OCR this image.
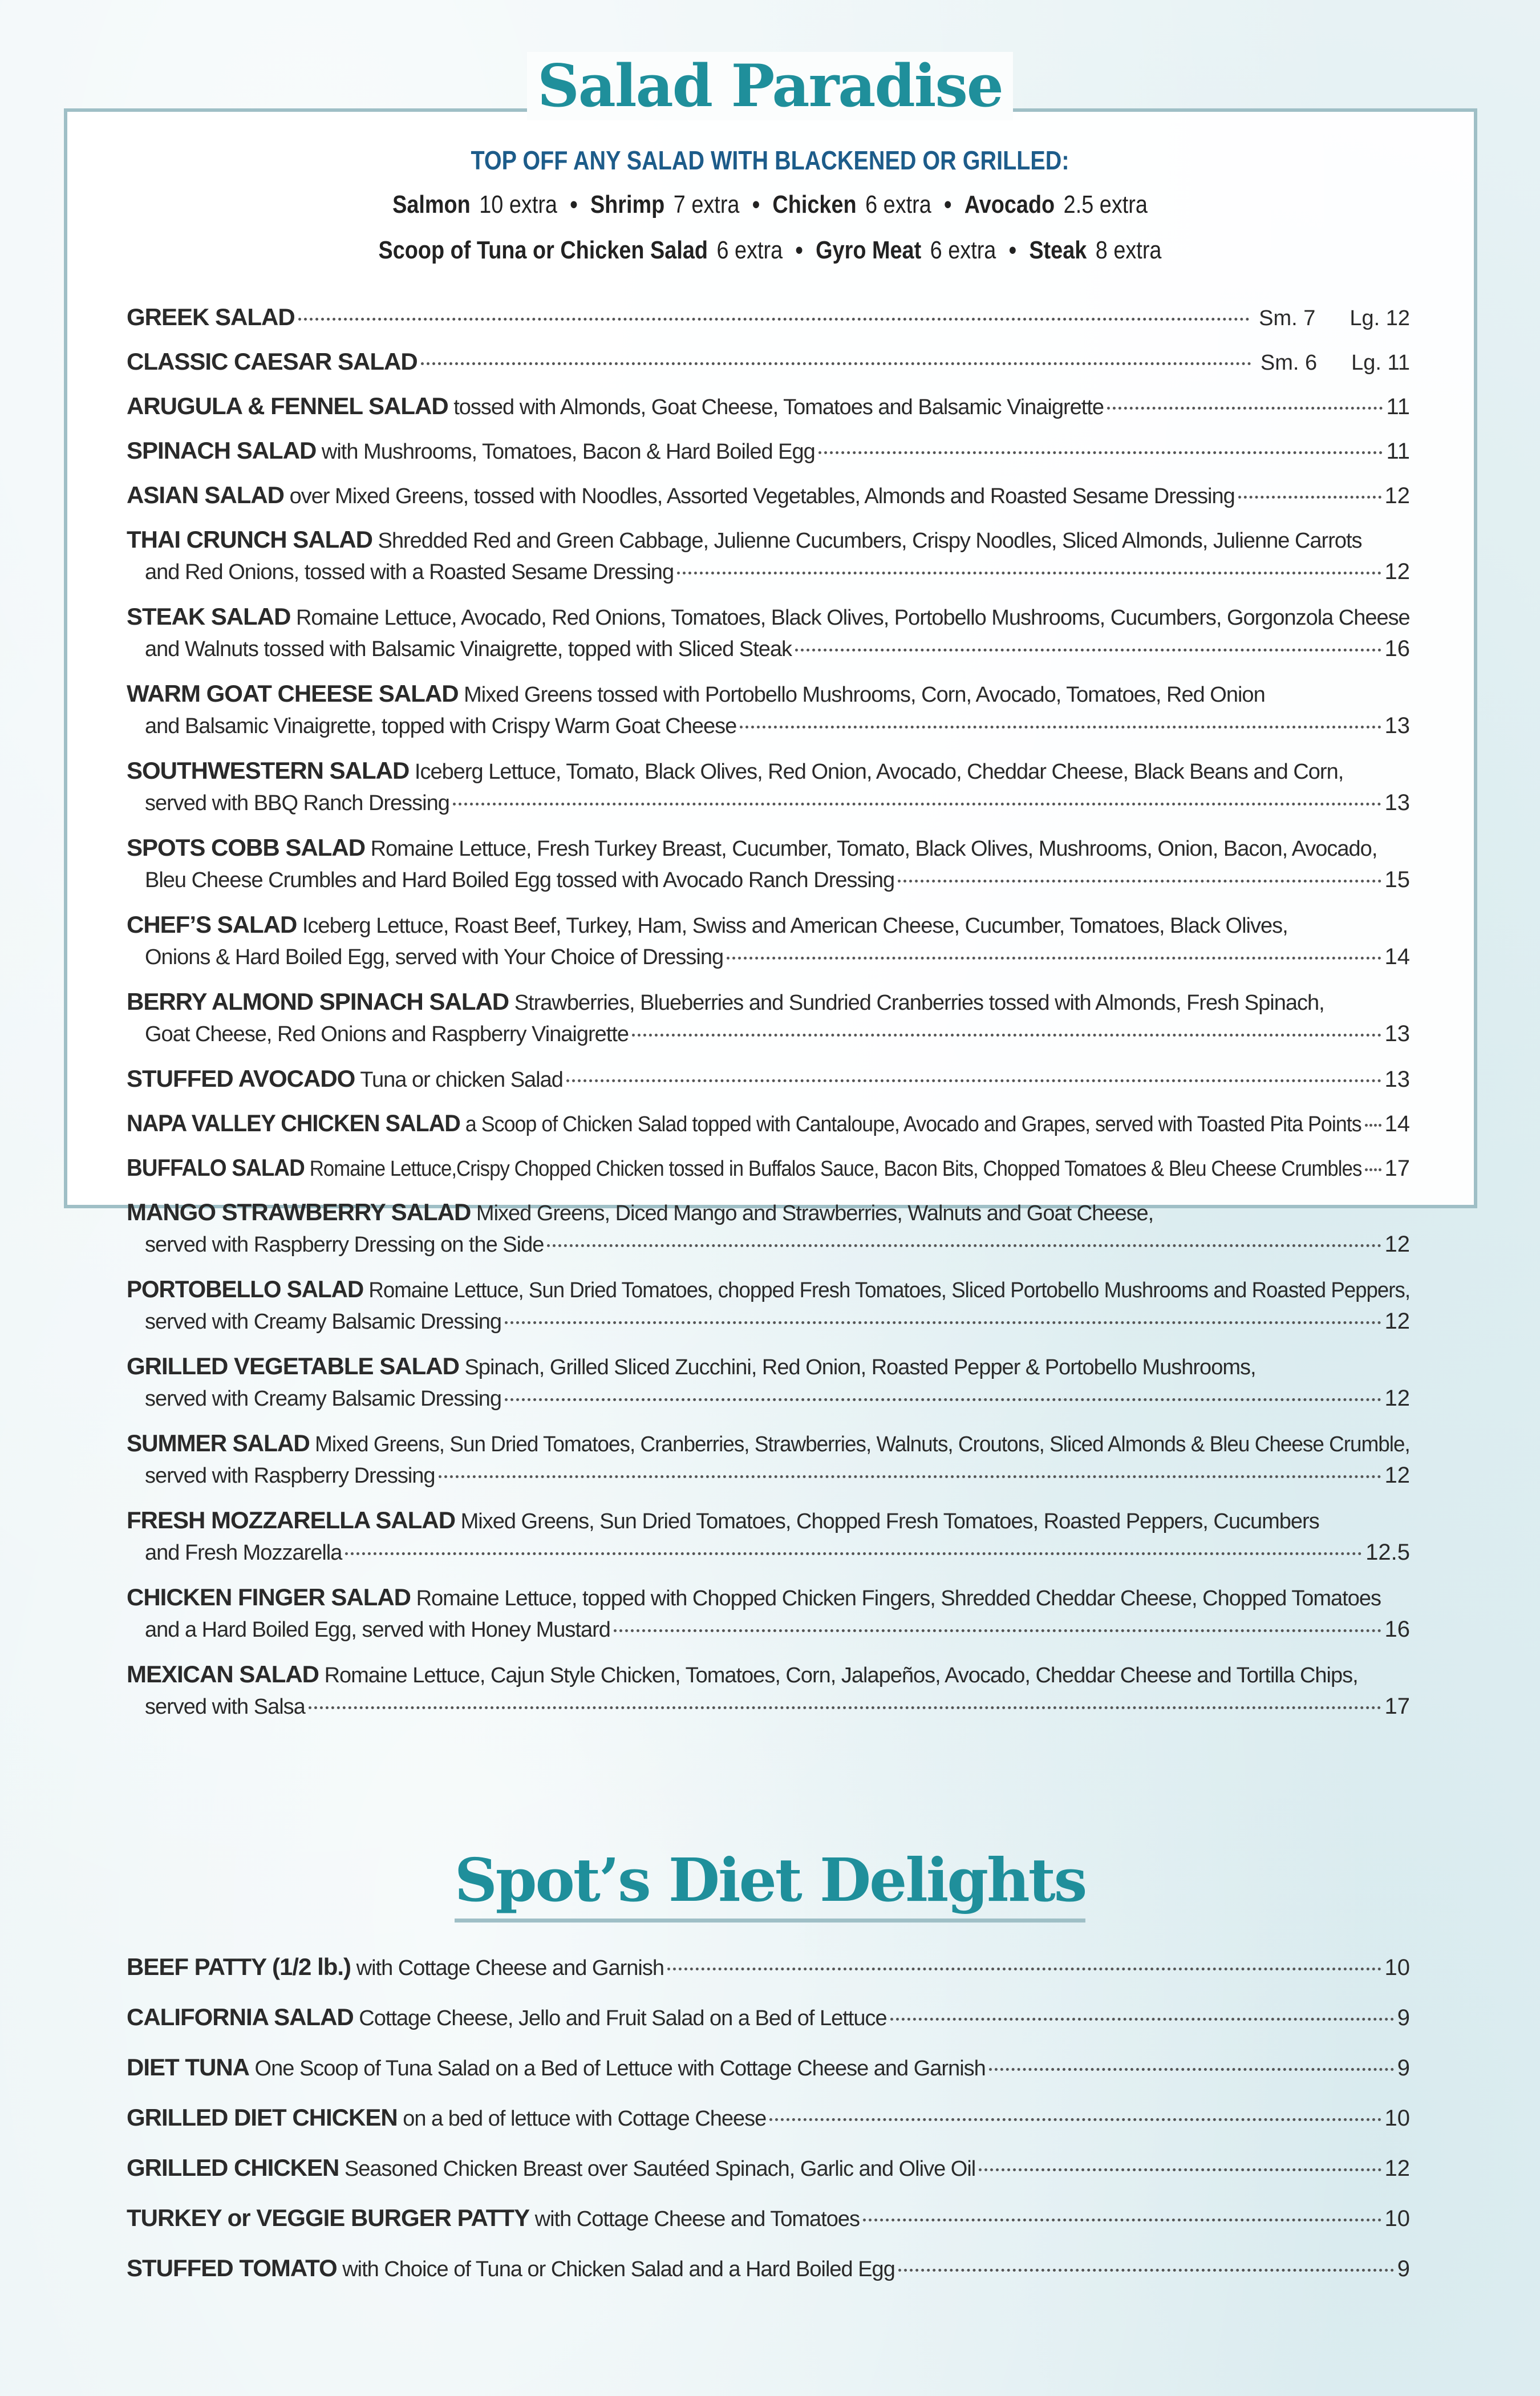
Salad Paradise
TOP OFF ANY SALAD WITH BLACKENED OR GRILLED:
Salmon 10 extra • Shrimp 7 extra • Chicken 6 extra • Avocado 2.5 extra
Scoop of Tuna or Chicken Salad 6 extra • Gyro Meat 6 extra • Steak 8 extra
GREEK SALAD	Sm. 7 Lg. 12
CLASSIC CAESAR SALAD	Sm. 6 Lg. 11
ARUGULA & FENNEL SALAD tossed with Almonds, Goat Cheese, Tomatoes and Balsamic Vinaigrette	11
SPINACH SALAD with Mushrooms, Tomatoes, Bacon & Hard Boiled Egg	11
ASIAN SALAD over Mixed Greens, tossed with Noodles, Assorted Vegetables, Almonds and Roasted Sesame Dressing	12
THAI CRUNCH SALAD Shredded Red and Green Cabbage, Julienne Cucumbers, Crispy Noodles, Sliced Almonds, Julienne Carrots
and Red Onions, tossed with a Roasted Sesame Dressing	12
STEAK SALAD Romaine Lettuce, Avocado, Red Onions, Tomatoes, Black Olives, Portobello Mushrooms, Cucumbers, Gorgonzola Cheese
and Walnuts tossed with Balsamic Vinaigrette, topped with Sliced Steak	16
WARM GOAT CHEESE SALAD Mixed Greens tossed with Portobello Mushrooms, Corn, Avocado, Tomatoes, Red Onion
and Balsamic Vinaigrette, topped with Crispy Warm Goat Cheese	13
SOUTHWESTERN SALAD Iceberg Lettuce, Tomato, Black Olives, Red Onion, Avocado, Cheddar Cheese, Black Beans and Corn,
served with BBQ Ranch Dressing	13
SPOTS COBB SALAD Romaine Lettuce, Fresh Turkey Breast, Cucumber, Tomato, Black Olives, Mushrooms, Onion, Bacon, Avocado,
Bleu Cheese Crumbles and Hard Boiled Egg tossed with Avocado Ranch Dressing	15
CHEF’S SALAD Iceberg Lettuce, Roast Beef, Turkey, Ham, Swiss and American Cheese, Cucumber, Tomatoes, Black Olives,
Onions & Hard Boiled Egg, served with Your Choice of Dressing	14
BERRY ALMOND SPINACH SALAD Strawberries, Blueberries and Sundried Cranberries tossed with Almonds, Fresh Spinach,
Goat Cheese, Red Onions and Raspberry Vinaigrette	13
STUFFED AVOCADO Tuna or chicken Salad	13
NAPA VALLEY CHICKEN SALAD a Scoop of Chicken Salad topped with Cantaloupe, Avocado and Grapes, served with Toasted Pita Points 14
BUFFALO SALAD Romaine Lettuce,Crispy Chopped Chicken tossed in Buffalos Sauce, Bacon Bits, Chopped Tomatoes & Bleu Cheese Crumbles 17
MANGO STRAWBERRY SALAD Mixed Greens, Diced Mango and Strawberries, Walnuts and Goat Cheese,
served with Raspberry Dressing on the Side	12
PORTOBELLO SALAD Romaine Lettuce, Sun Dried Tomatoes, chopped Fresh Tomatoes, Sliced Portobello Mushrooms and Roasted Peppers,
served with Creamy Balsamic Dressing	12
GRILLED VEGETABLE SALAD Spinach, Grilled Sliced Zucchini, Red Onion, Roasted Pepper & Portobello Mushrooms,
served with Creamy Balsamic Dressing	12
SUMMER SALAD Mixed Greens, Sun Dried Tomatoes, Cranberries, Strawberries, Walnuts, Croutons, Sliced Almonds & Bleu Cheese Crumble,
served with Raspberry Dressing	12
FRESH MOZZARELLA SALAD Mixed Greens, Sun Dried Tomatoes, Chopped Fresh Tomatoes, Roasted Peppers, Cucumbers
and Fresh Mozzarella	12.5
CHICKEN FINGER SALAD Romaine Lettuce, topped with Chopped Chicken Fingers, Shredded Cheddar Cheese, Chopped Tomatoes
and a Hard Boiled Egg, served with Honey Mustard	16
MEXICAN SALAD Romaine Lettuce, Cajun Style Chicken, Tomatoes, Corn, Jalapeños, Avocado, Cheddar Cheese and Tortilla Chips,
served with Salsa	17
Spot’s Diet Delights
BEEF PATTY (1/2 lb.) with Cottage Cheese and Garnish	10
CALIFORNIA SALAD Cottage Cheese, Jello and Fruit Salad on a Bed of Lettuce	9
DIET TUNA One Scoop of Tuna Salad on a Bed of Lettuce with Cottage Cheese and Garnish	9
GRILLED DIET CHICKEN on a bed of lettuce with Cottage Cheese	10
GRILLED CHICKEN Seasoned Chicken Breast over Sautéed Spinach, Garlic and Olive Oil	12
TURKEY or VEGGIE BURGER PATTY with Cottage Cheese and Tomatoes	10
STUFFED TOMATO with Choice of Tuna or Chicken Salad and a Hard Boiled Egg	9
